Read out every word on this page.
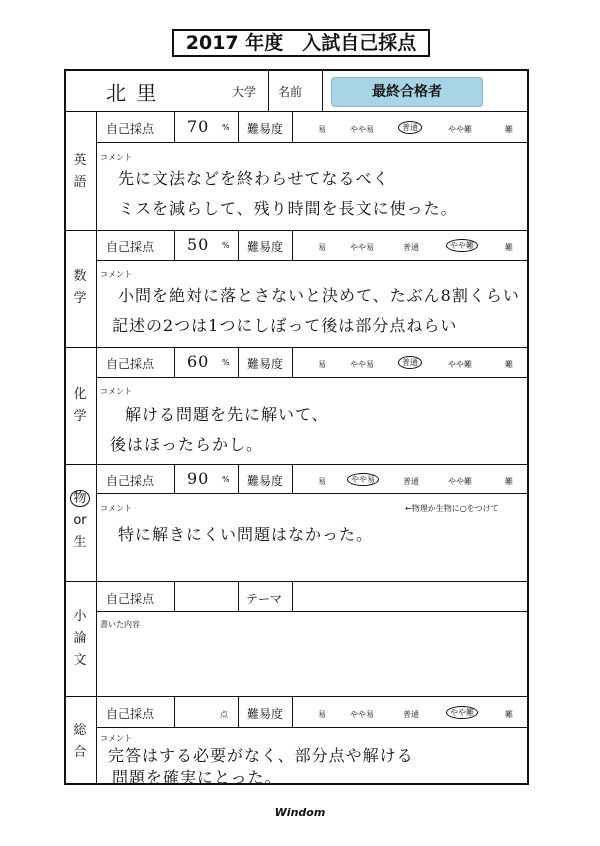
2017 年度　入試自己採点
北 里	大学 名前	最終合格者
英
語
自己採点 70 % 難易度	易	やや易	普通	やや難	難
コメント
先に文法などを終わらせてなるべく
ミスを減らして、残り時間を長文に使った。
数
学
自己採点 50 % 難易度	易	やや易	普通	やや難	難
コメント
小問を絶対に落とさないと決めて、たぶん8割くらい
記述の2つは1つにしぼって後は部分点ねらい
化
学
自己採点 60 % 難易度	易	やや易	普通	やや難	難
コメント
解ける問題を先に解いて、
後はほったらかし。
物
or
生
自己採点 90 % 難易度	易	やや易	普通	やや難	難
コメント	←物理か生物に○をつけて
特に解きにくい問題はなかった。
小
論
文
自己採点	テーマ
書いた内容
総
合
自己採点	点 難易度	易	やや易	普通	やや難	難
コメント
完答はする必要がなく、部分点や解ける
問題を確実にとった。
Windom
